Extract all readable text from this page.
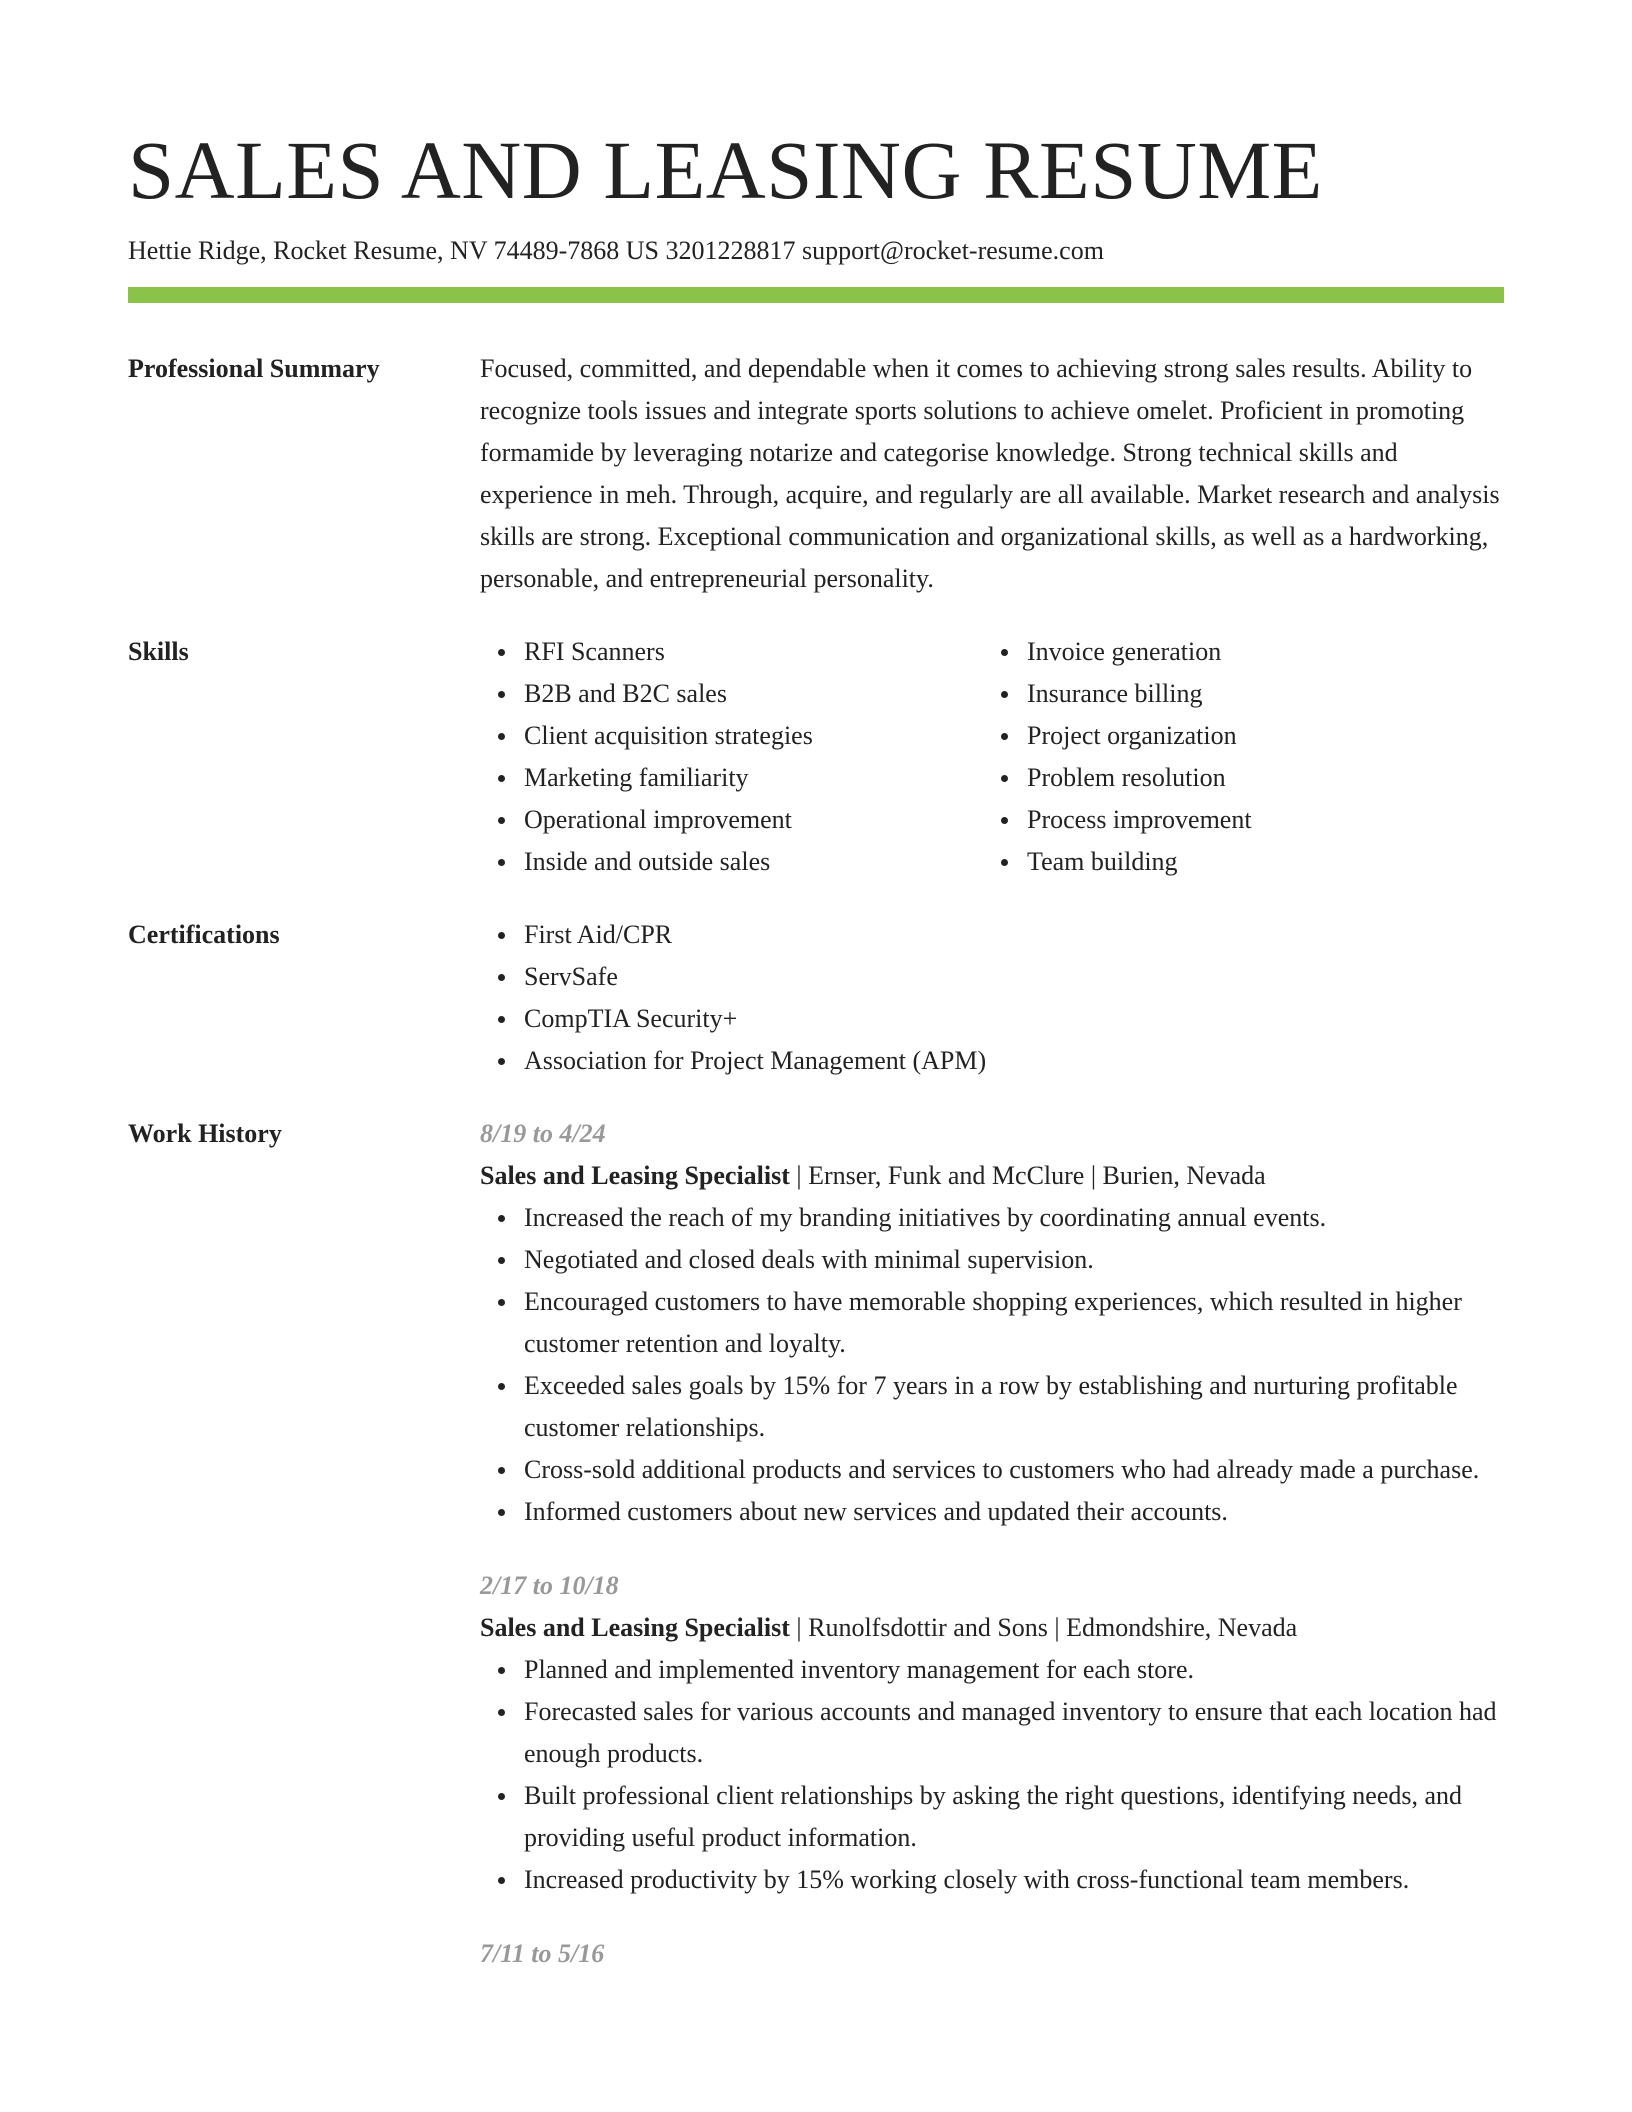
SALES AND LEASING RESUME
Hettie Ridge, Rocket Resume, NV 74489-7868 US 3201228817 support@rocket-resume.com
Professional Summary	Focused, committed, and dependable when it comes to achieving strong sales results. Ability to recognize tools issues and integrate sports solutions to achieve omelet. Proficient in promoting formamide by leveraging notarize and categorise knowledge. Strong technical skills and experience in meh. Through, acquire, and regularly are all available. Market research and analysis skills are strong. Exceptional communication and organizational skills, as well as a hardworking, personable, and entrepreneurial personality.

Skills	RFI Scanners
B2B and B2C sales
Client acquisition strategies
Marketing familiarity
Operational improvement
Inside and outside sales
Invoice generation
Insurance billing
Project organization
Problem resolution
Process improvement
Team building
Certifications	First Aid/CPR
ServSafe
CompTIA Security+
Association for Project Management (APM)
Work History	8/19 to 4/24
Sales and Leasing Specialist | Ernser, Funk and McClure | Burien, Nevada
Increased the reach of my branding initiatives by coordinating annual events.
Negotiated and closed deals with minimal supervision.
Encouraged customers to have memorable shopping experiences, which resulted in higher customer retention and loyalty.
Exceeded sales goals by 15% for 7 years in a row by establishing and nurturing profitable customer relationships.
Cross-sold additional products and services to customers who had already made a purchase.
Informed customers about new services and updated their accounts.
2/17 to 10/18
Sales and Leasing Specialist | Runolfsdottir and Sons | Edmondshire, Nevada
Planned and implemented inventory management for each store.
Forecasted sales for various accounts and managed inventory to ensure that each location had enough products.
Built professional client relationships by asking the right questions, identifying needs, and providing useful product information.
Increased productivity by 15% working closely with cross-functional team members.
7/11 to 5/16
